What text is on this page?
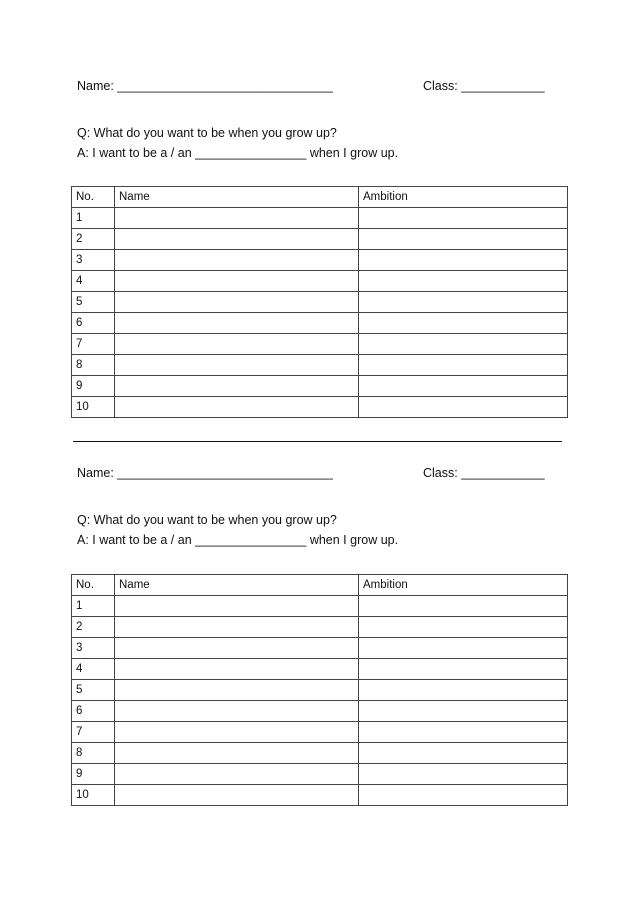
Name: _______________________________	Class: ____________
Q: What do you want to be when you grow up?
A: I want to be a / an ________________ when I grow up.
No.	Name	Ambition
1		
2		
3		
4		
5		
6		
7		
8		
9		
10		
Name: _______________________________	Class: ____________
Q: What do you want to be when you grow up?
A: I want to be a / an ________________ when I grow up.
No.	Name	Ambition
1		
2		
3		
4		
5		
6		
7		
8		
9		
10		
